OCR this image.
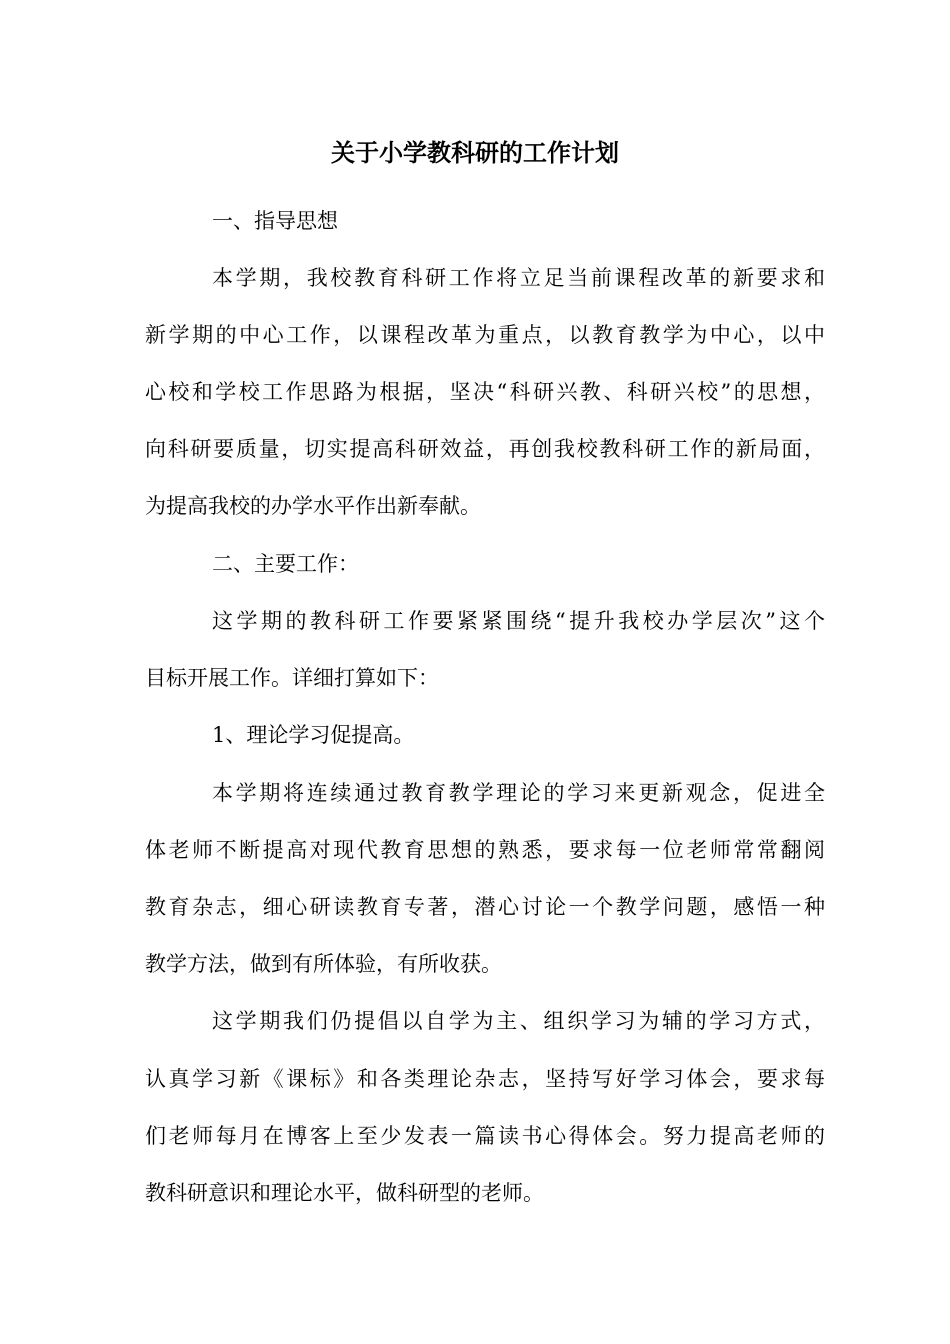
关于小学教科研的工作计划
一、指导思想
本学期，我校教育科研工作将立足当前课程改革的新要求和
新学期的中心工作，以课程改革为重点，以教育教学为中心，以中
心校和学校工作思路为根据，坚决“科研兴教、科研兴校”的思想，
向科研要质量，切实提高科研效益，再创我校教科研工作的新局面，
为提高我校的办学水平作出新奉献。
二、主要工作：
这学期的教科研工作要紧紧围绕“提升我校办学层次”这个
目标开展工作。详细打算如下：
1、理论学习促提高。
本学期将连续通过教育教学理论的学习来更新观念，促进全
体老师不断提高对现代教育思想的熟悉，要求每一位老师常常翻阅
教育杂志，细心研读教育专著，潜心讨论一个教学问题，感悟一种
教学方法，做到有所体验，有所收获。
这学期我们仍提倡以自学为主、组织学习为辅的学习方式，
认真学习新《课标》和各类理论杂志，坚持写好学习体会，要求每
们老师每月在博客上至少发表一篇读书心得体会。努力提高老师的
教科研意识和理论水平，做科研型的老师。
